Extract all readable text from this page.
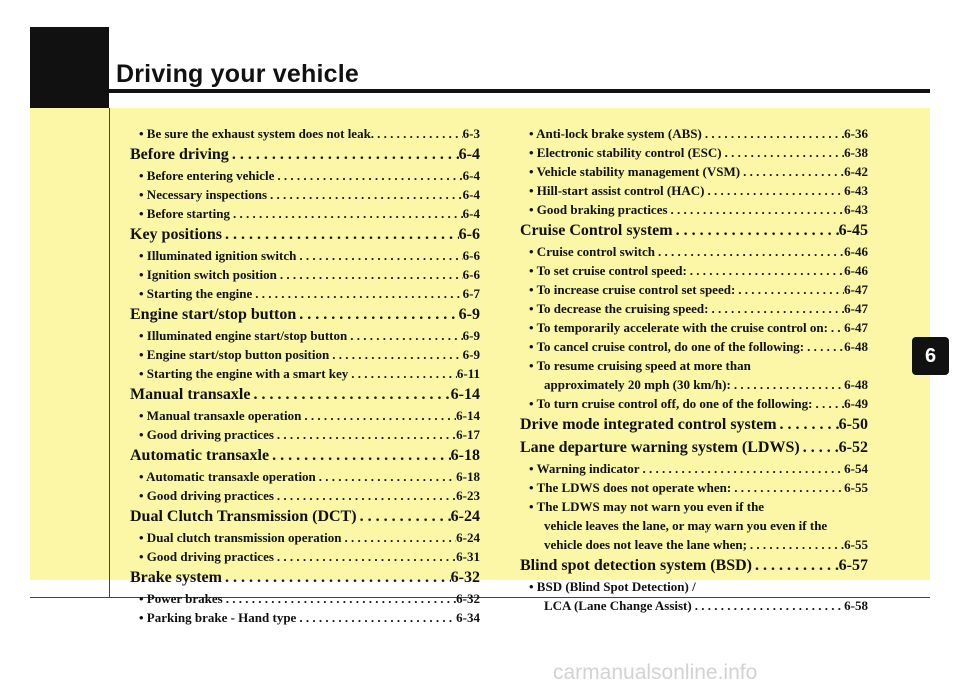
Driving your vehicle
• Be sure the exhaust system does not leak. . . .	6-3
Before driving . . .	6-4
• Before entering vehicle . . .	6-4
• Necessary inspections . . .	6-4
• Before starting . . .	6-4
Key positions . . .	6-6
• Illuminated ignition switch . . .	6-6
• Ignition switch position . . .	6-6
• Starting the engine . . .	6-7
Engine start/stop button . . .	6-9
• Illuminated engine start/stop button . . .	6-9
• Engine start/stop button position . . .	6-9
• Starting the engine with a smart key . . .	6-11
Manual transaxle . . .	6-14
• Manual transaxle operation . . .	6-14
• Good driving practices . . .	6-17
Automatic transaxle . . .	6-18
• Automatic transaxle operation . . .	6-18
• Good driving practices . . .	6-23
Dual Clutch Transmission (DCT) . . .	6-24
• Dual clutch transmission operation . . .	6-24
• Good driving practices . . .	6-31
Brake system . . .	6-32
• Power brakes . . .	6-32
• Parking brake - Hand type . . .	6-34
• Anti-lock brake system (ABS) . . .	6-36
• Electronic stability control (ESC) . . .	6-38
• Vehicle stability management (VSM) . . .	6-42
• Hill-start assist control (HAC) . . .	6-43
• Good braking practices . . .	6-43
Cruise Control system . . .	6-45
• Cruise control switch . . .	6-46
• To set cruise control speed: . . .	6-46
• To increase cruise control set speed: . . .	6-47
• To decrease the cruising speed: . . .	6-47
• To temporarily accelerate with the cruise control on: . . . 6-47
• To cancel cruise control, do one of the following: . . .	6-48
• To resume cruising speed at more than
approximately 20 mph (30 km/h): . . .	6-48
• To turn cruise control off, do one of the following: . . . 6-49
Drive mode integrated control system . . .	6-50
Lane departure warning system (LDWS) . . . 6-52
• Warning indicator . . .	6-54
• The LDWS does not operate when: . . .	6-55
• The LDWS may not warn you even if the
vehicle leaves the lane, or may warn you even if the
vehicle does not leave the lane when; . . .	6-55
Blind spot detection system (BSD) . . .	6-57
• BSD (Blind Spot Detection) /
LCA (Lane Change Assist) . . .	6-58
6
carmanualsonline.info
